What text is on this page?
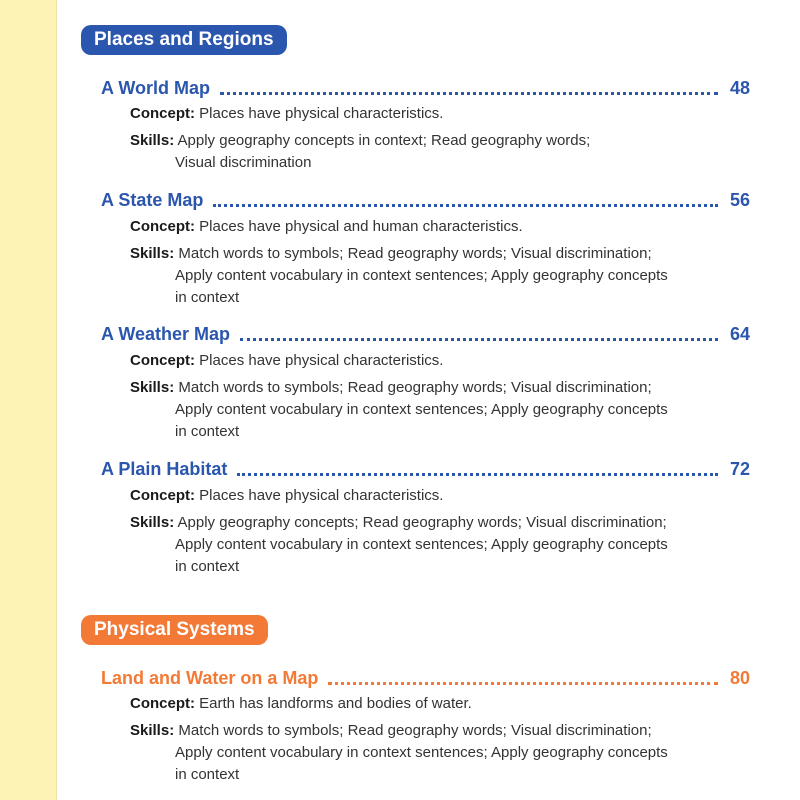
Places and Regions
A World Map	48
Concept: Places have physical characteristics.
Skills: Apply geography concepts in context; Read geography words;
Visual discrimination
A State Map	56
Concept: Places have physical and human characteristics.
Skills: Match words to symbols; Read geography words; Visual discrimination;
Apply content vocabulary in context sentences; Apply geography concepts
in context
A Weather Map	64
Concept: Places have physical characteristics.
Skills: Match words to symbols; Read geography words; Visual discrimination;
Apply content vocabulary in context sentences; Apply geography concepts
in context
A Plain Habitat	72
Concept: Places have physical characteristics.
Skills: Apply geography concepts; Read geography words; Visual discrimination;
Apply content vocabulary in context sentences; Apply geography concepts
in context
Physical Systems
Land and Water on a Map	80
Concept: Earth has landforms and bodies of water.
Skills: Match words to symbols; Read geography words; Visual discrimination;
Apply content vocabulary in context sentences; Apply geography concepts
in context
